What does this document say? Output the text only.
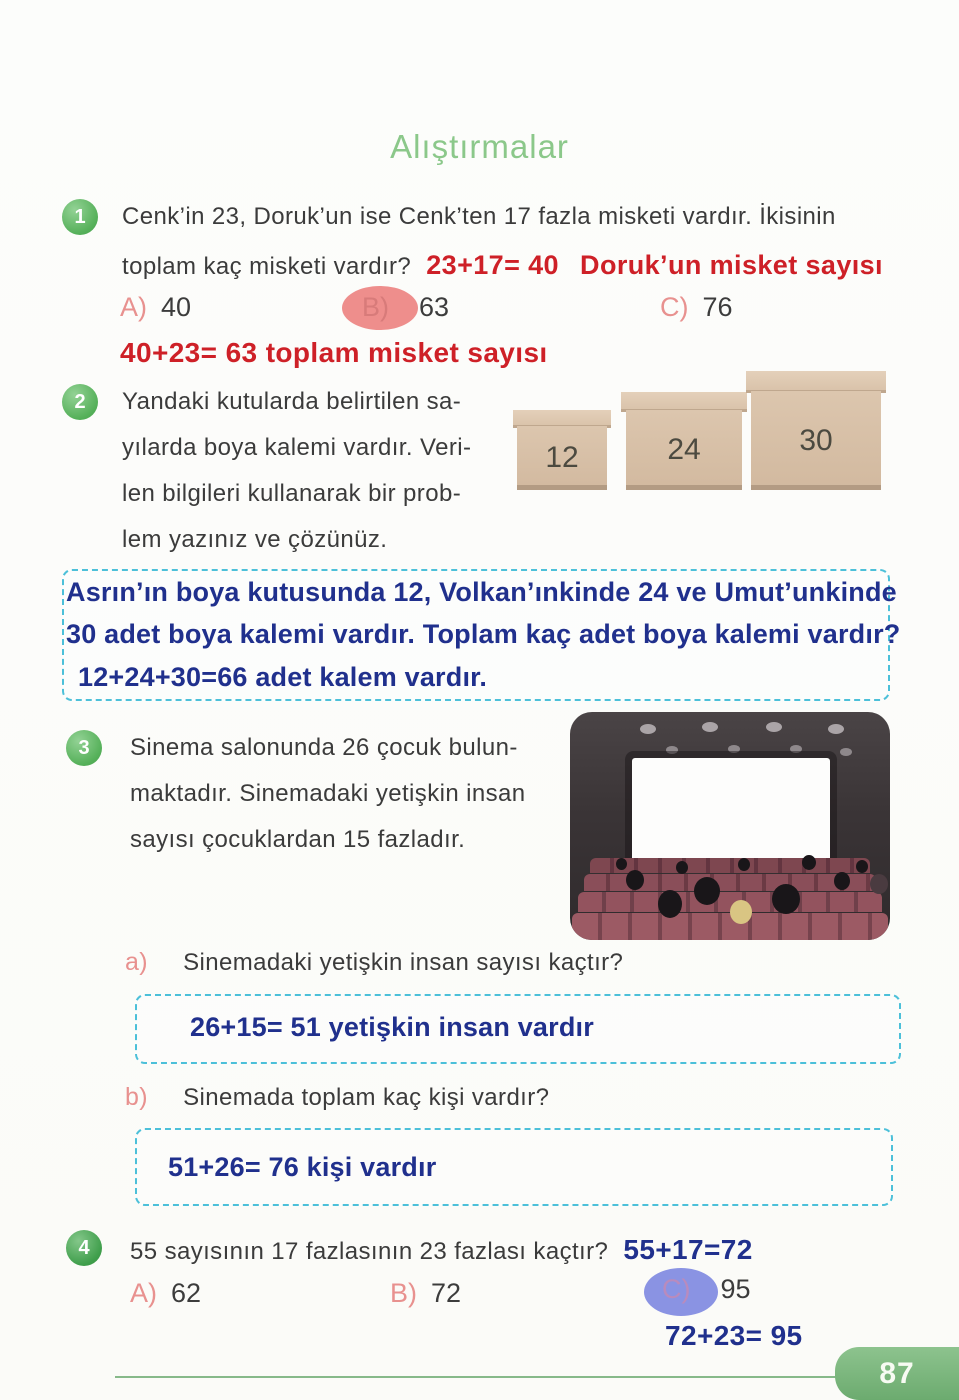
Alıştırmalar
1 Cenk’in 23, Doruk’un ise Cenk’ten 17 fazla misketi vardır. İkisinin
toplam kaç misketi vardır? 23+17= 40 Doruk’un misket sayısı
A) 40	B) 63	C) 76
40+23= 63 toplam misket sayısı
2 Yandaki kutularda belirtilen sa-
yılarda boya kalemi vardır. Veri-
len bilgileri kullanarak bir prob-
lem yazınız ve çözünüz.
12	24	30
Asrın’ın boya kutusunda 12, Volkan’ınkinde 24 ve Umut’unkinde
30 adet boya kalemi vardır. Toplam kaç adet boya kalemi vardır?
12+24+30=66 adet kalem vardır.
3 Sinema salonunda 26 çocuk bulun-
maktadır. Sinemadaki yetişkin insan
sayısı çocuklardan 15 fazladır.
a) Sinemadaki yetişkin insan sayısı kaçtır?
26+15= 51 yetişkin insan vardır
b) Sinemada toplam kaç kişi vardır?
51+26= 76 kişi vardır
4 55 sayısının 17 fazlasının 23 fazlası kaçtır? 55+17=72
A) 62	B) 72	C) 95
72+23= 95
87
